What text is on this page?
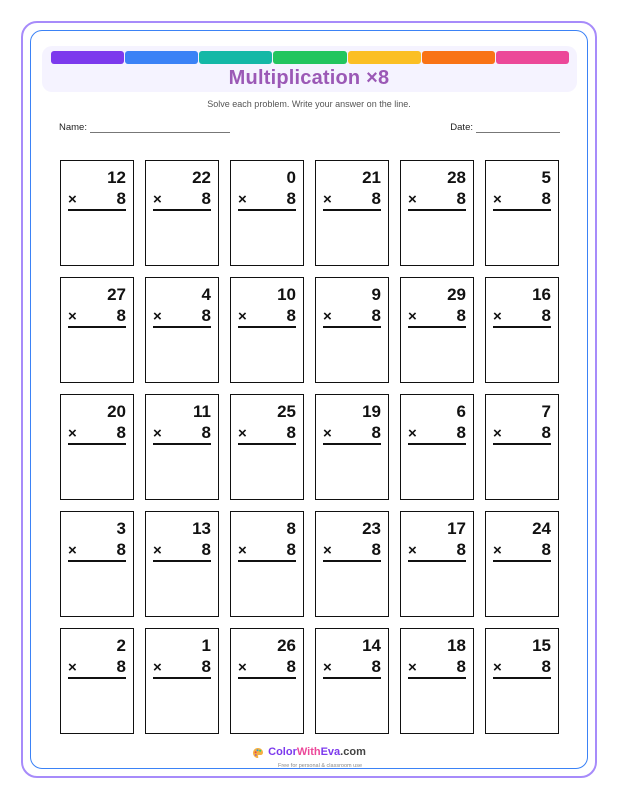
Multiplication ×8
Solve each problem. Write your answer on the line.
Name:	Date:
12
× 8
22
× 8
0
× 8
21
× 8
28
× 8
5
× 8
27
× 8
4
× 8
10
× 8
9
× 8
29
× 8
16
× 8
20
× 8
11
× 8
25
× 8
19
× 8
6
× 8
7
× 8
3
× 8
13
× 8
8
× 8
23
× 8
17
× 8
24
× 8
2
× 8
1
× 8
26
× 8
14
× 8
18
× 8
15
× 8
ColorWithEva.com
Free for personal & classroom use
